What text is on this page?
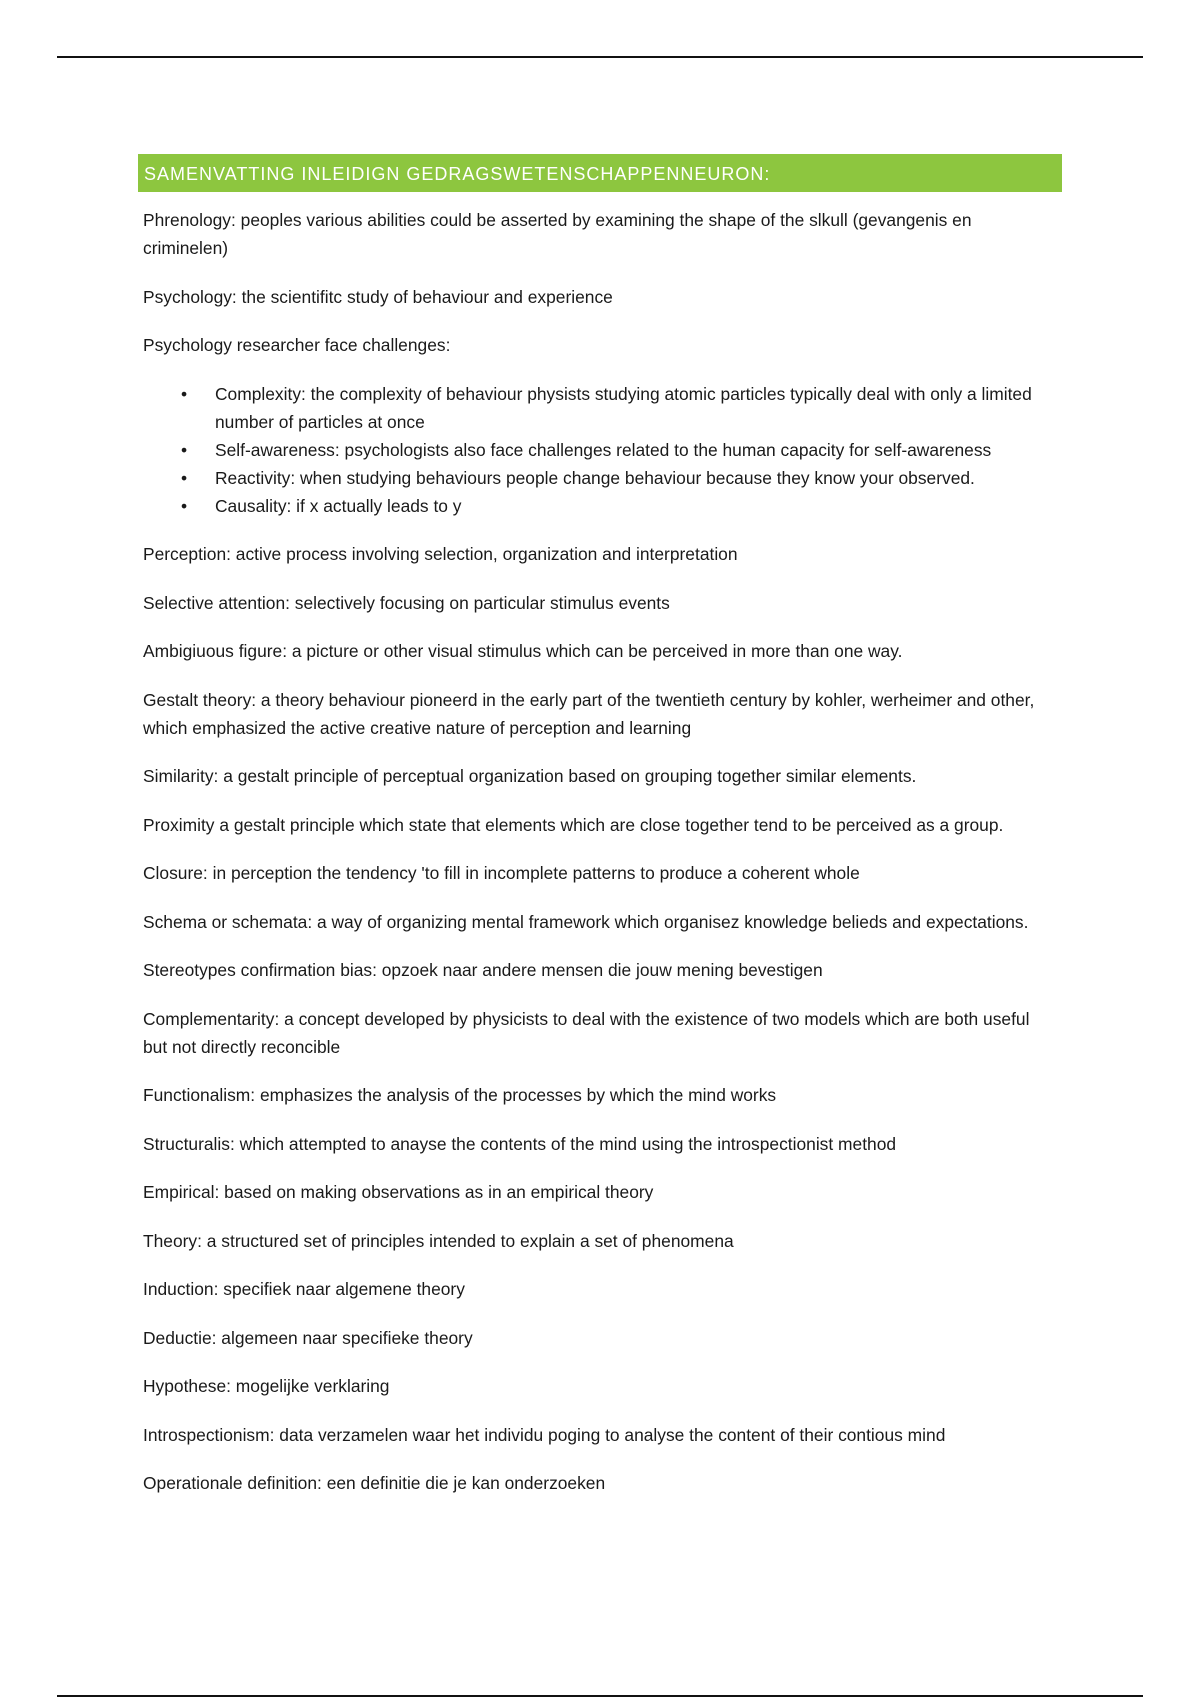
SAMENVATTING INLEIDIGN GEDRAGSWETENSCHAPPENNEURON:

Phrenology: peoples various abilities could be asserted by examining the shape of the slkull (gevangenis en criminelen)

Psychology: the scientifitc study of behaviour and experience

Psychology researcher face challenges:

• Complexity: the complexity of behaviour physists studying atomic particles typically deal with only a limited number of particles at once
• Self-awareness: psychologists also face challenges related to the human capacity for self-awareness
• Reactivity: when studying behaviours people change behaviour because they know your observed.
• Causality: if x actually leads to y

Perception: active process involving selection, organization and interpretation

Selective attention: selectively focusing on particular stimulus events

Ambigiuous figure: a picture or other visual stimulus which can be perceived in more than one way.

Gestalt theory: a theory behaviour pioneerd in the early part of the twentieth century by kohler, werheimer and other, which emphasized the active creative nature of perception and learning

Similarity: a gestalt principle of perceptual organization based on grouping together similar elements.

Proximity a gestalt principle which state that elements which are close together tend to be perceived as a group.

Closure: in perception the tendency 'to fill in incomplete patterns to produce a coherent whole

Schema or schemata: a way of organizing mental framework which organisez knowledge belieds and expectations.

Stereotypes confirmation bias: opzoek naar andere mensen die jouw mening bevestigen

Complementarity: a concept developed by physicists to deal with the existence of two models which are both useful but not directly reconcible

Functionalism: emphasizes the analysis of the processes by which the mind works

Structuralis: which attempted to anayse the contents of the mind using the introspectionist method

Empirical: based on making observations as in an empirical theory

Theory: a structured set of principles intended to explain a set of phenomena

Induction: specifiek naar algemene theory

Deductie: algemeen naar specifieke theory

Hypothese: mogelijke verklaring

Introspectionism: data verzamelen waar het individu poging to analyse the content of their contious mind

Operationale definition: een definitie die je kan onderzoeken
